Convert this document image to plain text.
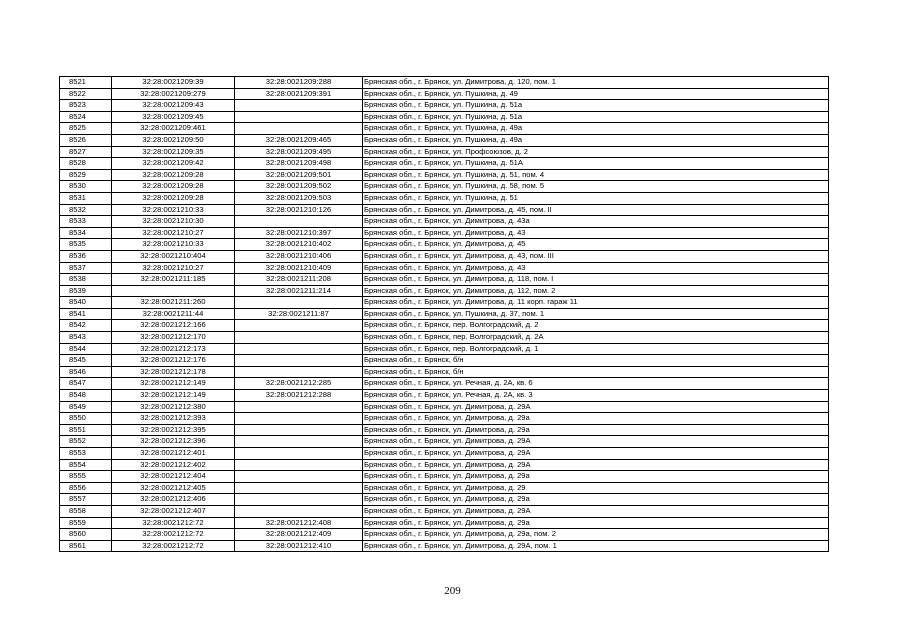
8521	32:28:0021209:39	32:28:0021209:288	Брянская обл., г. Брянск, ул. Димитрова, д. 120, пом. 1
8522	32:28:0021209:279	32:28:0021209:391	Брянская обл., г. Брянск, ул. Пушкина, д. 49
8523	32:28:0021209:43		Брянская обл., г. Брянск, ул. Пушкина, д. 51а
8524	32:28:0021209:45		Брянская обл., г. Брянск, ул. Пушкина, д. 51а
8525	32:28:0021209:461		Брянская обл., г. Брянск, ул. Пушкина, д. 49а
8526	32:28:0021209:50	32:28:0021209:465	Брянская обл., г. Брянск, ул. Пушкина, д. 49а
8527	32:28:0021209:35	32:28:0021209:495	Брянская обл., г. Брянск, ул. Профсоюзов, д. 2
8528	32:28:0021209:42	32:28:0021209:498	Брянская обл., г. Брянск, ул. Пушкина, д. 51А
8529	32:28:0021209:28	32:28:0021209:501	Брянская обл., г. Брянск, ул. Пушкина, д. 51, пом. 4
8530	32:28:0021209:28	32:28:0021209:502	Брянская обл., г. Брянск, ул. Пушкина, д. 58, пом. 5
8531	32:28:0021209:28	32:28:0021209:503	Брянская обл., г. Брянск, ул. Пушкина, д. 51
8532	32:28:0021210:33	32:28:0021210:126	Брянская обл., г. Брянск, ул. Димитрова, д. 45, пом. II
8533	32:28:0021210:30		Брянская обл., г. Брянск, ул. Димитрова, д. 43а
8534	32:28:0021210:27	32:28:0021210:397	Брянская обл., г. Брянск, ул. Димитрова, д. 43
8535	32:28:0021210:33	32:28:0021210:402	Брянская обл., г. Брянск, ул. Димитрова, д. 45
8536	32:28:0021210:404	32:28:0021210:406	Брянская обл., г. Брянск, ул. Димитрова, д. 43, пом. III
8537	32:28:0021210:27	32:28:0021210:409	Брянская обл., г. Брянск, ул. Димитрова, д. 43
8538	32:28:0021211:185	32:28:0021211:208	Брянская обл., г. Брянск, ул. Димитрова, д. 118, пом. I
8539		32:28:0021211:214	Брянская обл., г. Брянск, ул. Димитрова, д. 112, пом. 2
8540	32:28:0021211:260		Брянская обл., г. Брянск, ул. Димитрова, д. 11 корп. гараж 11
8541	32:28:0021211:44	32:28:0021211:87	Брянская обл., г. Брянск, ул. Пушкина, д. 37, пом. 1
8542	32:28:0021212:166		Брянская обл., г. Брянск, пер. Волгоградский, д. 2
8543	32:28:0021212:170		Брянская обл., г. Брянск, пер. Волгоградский, д. 2А
8544	32:28:0021212:173		Брянская обл., г. Брянск, пер. Волгоградский, д. 1
8545	32:28:0021212:176		Брянская обл., г. Брянск, б/н
8546	32:28:0021212:178		Брянская обл., г. Брянск, б/н
8547	32:28:0021212:149	32:28:0021212:285	Брянская обл., г. Брянск, ул. Речная, д. 2А, кв. 6
8548	32:28:0021212:149	32:28:0021212:288	Брянская обл., г. Брянск, ул. Речная, д. 2А, кв. 3
8549	32:28:0021212:380		Брянская обл., г. Брянск, ул. Димитрова, д. 29А
8550	32:28:0021212:393		Брянская обл., г. Брянск, ул. Димитрова, д. 29а
8551	32:28:0021212:395		Брянская обл., г. Брянск, ул. Димитрова, д. 29а
8552	32:28:0021212:396		Брянская обл., г. Брянск, ул. Димитрова, д. 29А
8553	32:28:0021212:401		Брянская обл., г. Брянск, ул. Димитрова, д. 29А
8554	32:28:0021212:402		Брянская обл., г. Брянск, ул. Димитрова, д. 29А
8555	32:28:0021212:404		Брянская обл., г. Брянск, ул. Димитрова, д. 29а
8556	32:28:0021212:405		Брянская обл., г. Брянск, ул. Димитрова, д. 29
8557	32:28:0021212:406		Брянская обл., г. Брянск, ул. Димитрова, д. 29а
8558	32:28:0021212:407		Брянская обл., г. Брянск, ул. Димитрова, д. 29А
8559	32:28:0021212:72	32:28:0021212:408	Брянская обл., г. Брянск, ул. Димитрова, д. 29а
8560	32:28:0021212:72	32:28:0021212:409	Брянская обл., г. Брянск, ул. Димитрова, д. 29а, пом. 2
8561	32:28:0021212:72	32:28:0021212:410	Брянская обл., г. Брянск, ул. Димитрова, д. 29А, пом. 1
209
